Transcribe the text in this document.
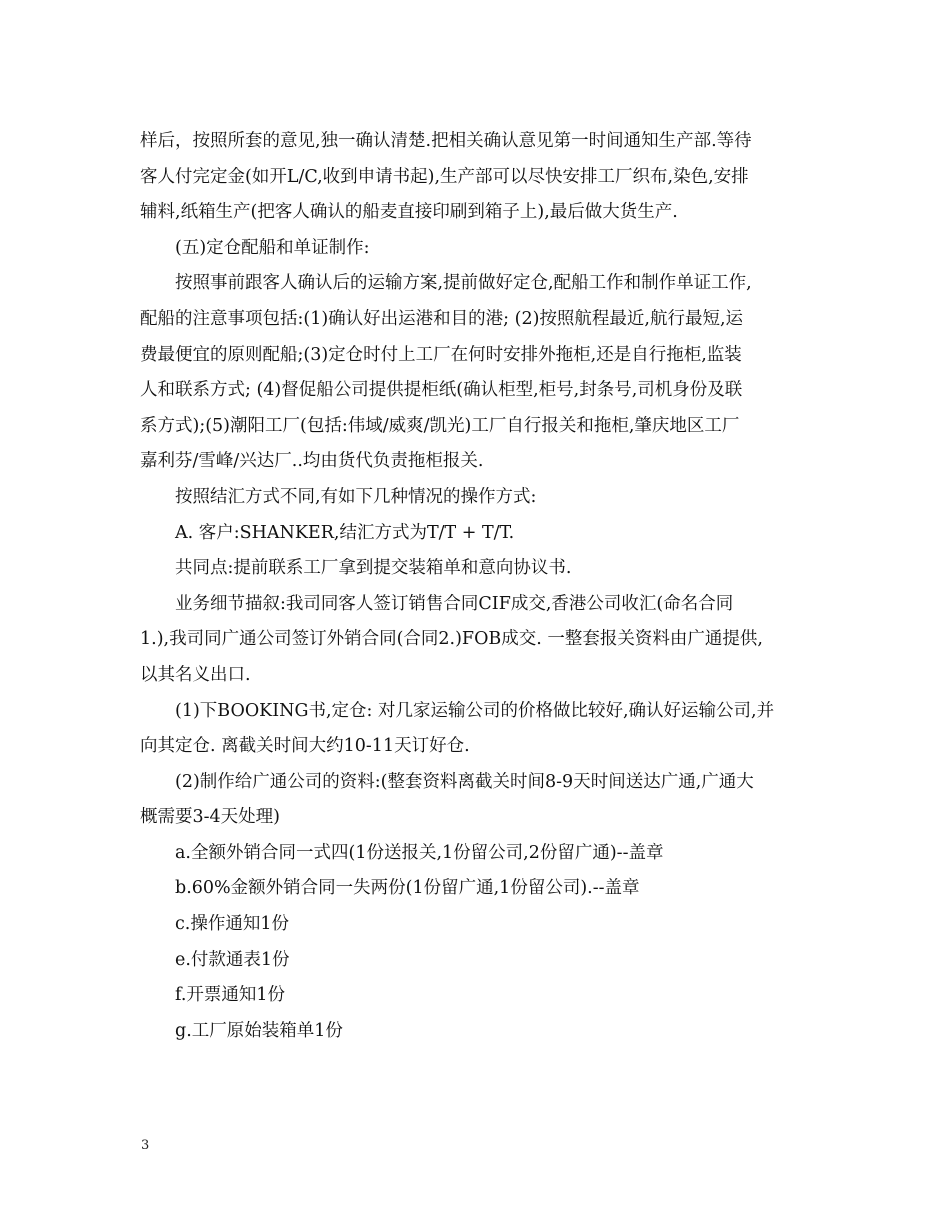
样后，按照所套的意见,独一确认清楚.把相关确认意见第一时间通知生产部.等待
客人付完定金(如开L/C,收到申请书起),生产部可以尽快安排工厂织布,染色,安排
辅料,纸箱生产(把客人确认的船麦直接印刷到箱子上),最后做大货生产.
(五)定仓配船和单证制作:
按照事前跟客人确认后的运输方案,提前做好定仓,配船工作和制作单证工作,
配船的注意事项包括:(1)确认好出运港和目的港; (2)按照航程最近,航行最短,运
费最便宜的原则配船;(3)定仓时付上工厂在何时安排外拖柜,还是自行拖柜,监装
人和联系方式; (4)督促船公司提供提柜纸(确认柜型,柜号,封条号,司机身份及联
系方式);(5)潮阳工厂(包括:伟域/威爽/凯光)工厂自行报关和拖柜,肇庆地区工厂
嘉利芬/雪峰/兴达厂..均由货代负责拖柜报关.
按照结汇方式不同,有如下几种情况的操作方式:
A. 客户:SHANKER,结汇方式为T/T + T/T.
共同点:提前联系工厂拿到提交装箱单和意向协议书.
业务细节描叙:我司同客人签订销售合同CIF成交,香港公司收汇(命名合同
1.),我司同广通公司签订外销合同(合同2.)FOB成交. 一整套报关资料由广通提供,
以其名义出口.
(1)下BOOKING书,定仓: 对几家运输公司的价格做比较好,确认好运输公司,并
向其定仓. 离截关时间大约10-11天订好仓.
(2)制作给广通公司的资料:(整套资料离截关时间8-9天时间送达广通,广通大
概需要3-4天处理)
a.全额外销合同一式四(1份送报关,1份留公司,2份留广通)--盖章
b.60%金额外销合同一失两份(1份留广通,1份留公司).--盖章
c.操作通知1份
e.付款通表1份
f.开票通知1份
g.工厂原始装箱单1份
3
